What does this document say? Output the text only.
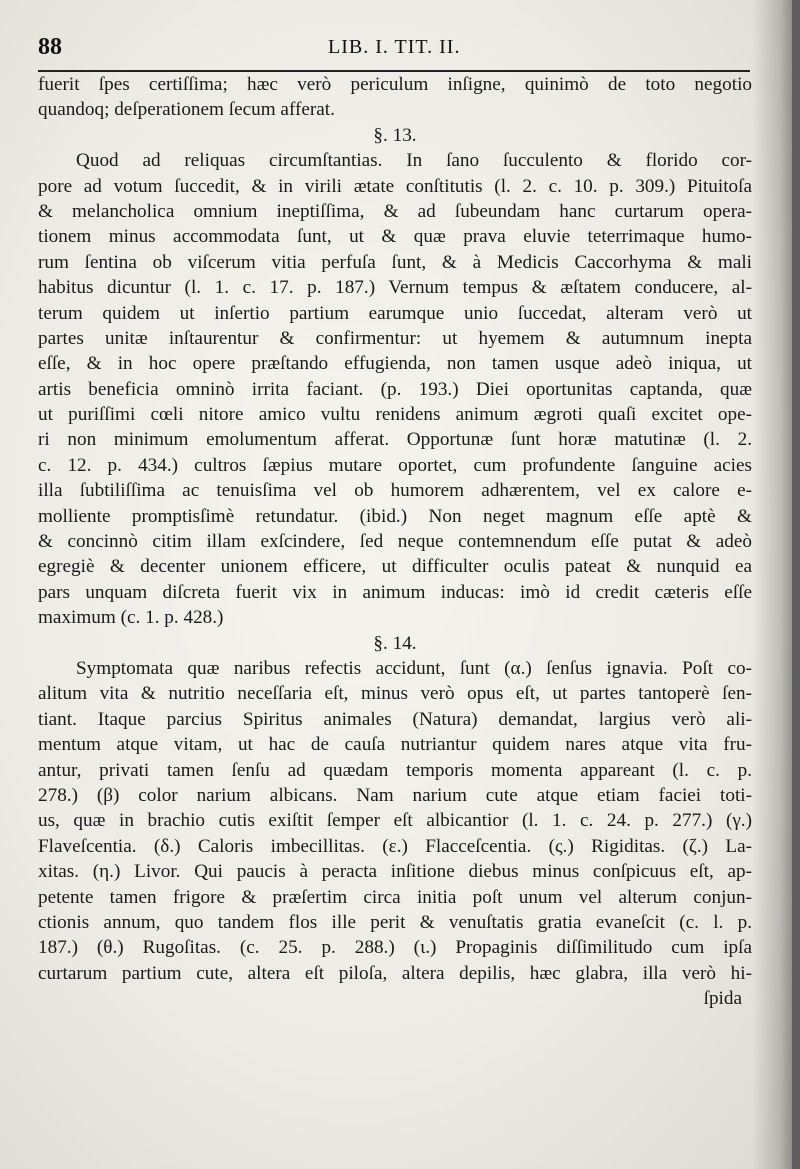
88	LIB. I. TIT. II.
fuerit ſpes certiſſima; hæc verò periculum inſigne, quinimò de toto negotio
quandoq; deſperationem ſecum afferat.
§. 13.
Quod ad reliquas circumſtantias. In ſano ſucculento & florido cor-
pore ad votum ſuccedit, & in virili ætate conſtitutis (l. 2. c. 10. p. 309.) Pituitoſa
& melancholica omnium ineptiſſima, & ad ſubeundam hanc curtarum opera-
tionem minus accommodata ſunt, ut & quæ prava eluvie teterrimaque humo-
rum ſentina ob viſcerum vitia perfuſa ſunt, & à Medicis Caccorhyma & mali
habitus dicuntur (l. 1. c. 17. p. 187.) Vernum tempus & æſtatem conducere, al-
terum quidem ut inſertio partium earumque unio ſuccedat, alteram verò ut
partes unitæ inſtaurentur & confirmentur: ut hyemem & autumnum inepta
eſſe, & in hoc opere præſtando effugienda, non tamen usque adeò iniqua, ut
artis beneficia omninò irrita faciant. (p. 193.) Diei oportunitas captanda, quæ
ut puriſſimi cœli nitore amico vultu renidens animum ægroti quaſi excitet ope-
ri non minimum emolumentum afferat. Opportunæ ſunt horæ matutinæ (l. 2.
c. 12. p. 434.) cultros ſæpius mutare oportet, cum profundente ſanguine acies
illa ſubtiliſſima ac tenuisſima vel ob humorem adhærentem, vel ex calore e-
molliente promptisſimè retundatur. (ibid.) Non neget magnum eſſe aptè &
& concinnò citim illam exſcindere, ſed neque contemnendum eſſe putat & adeò
egregiè & decenter unionem efficere, ut difficulter oculis pateat & nunquid ea
pars unquam diſcreta fuerit vix in animum inducas: imò id credit cæteris eſſe
maximum (c. 1. p. 428.)
§. 14.
Symptomata quæ naribus refectis accidunt, ſunt (α.) ſenſus ignavia. Poſt co-
alitum vita & nutritio neceſſaria eſt, minus verò opus eſt, ut partes tantoperè ſen-
tiant. Itaque parcius Spiritus animales (Natura) demandat, largius verò ali-
mentum atque vitam, ut hac de cauſa nutriantur quidem nares atque vita fru-
antur, privati tamen ſenſu ad quædam temporis momenta appareant (l. c. p.
278.) (β) color narium albicans. Nam narium cute atque etiam faciei toti-
us, quæ in brachio cutis exiſtit ſemper eſt albicantior (l. 1. c. 24. p. 277.) (γ.)
Flaveſcentia. (δ.) Caloris imbecillitas. (ε.) Flacceſcentia. (ς.) Rigiditas. (ζ.) La-
xitas. (η.) Livor. Qui paucis à peracta inſitione diebus minus conſpicuus eſt, ap-
petente tamen frigore & præſertim circa initia poſt unum vel alterum conjun-
ctionis annum, quo tandem flos ille perit & venuſtatis gratia evaneſcit (c. l. p.
187.) (θ.) Rugoſitas. (c. 25. p. 288.) (ι.) Propaginis diſſimilitudo cum ipſa
curtarum partium cute, altera eſt piloſa, altera depilis, hæc glabra, illa verò hi-
ſpida
